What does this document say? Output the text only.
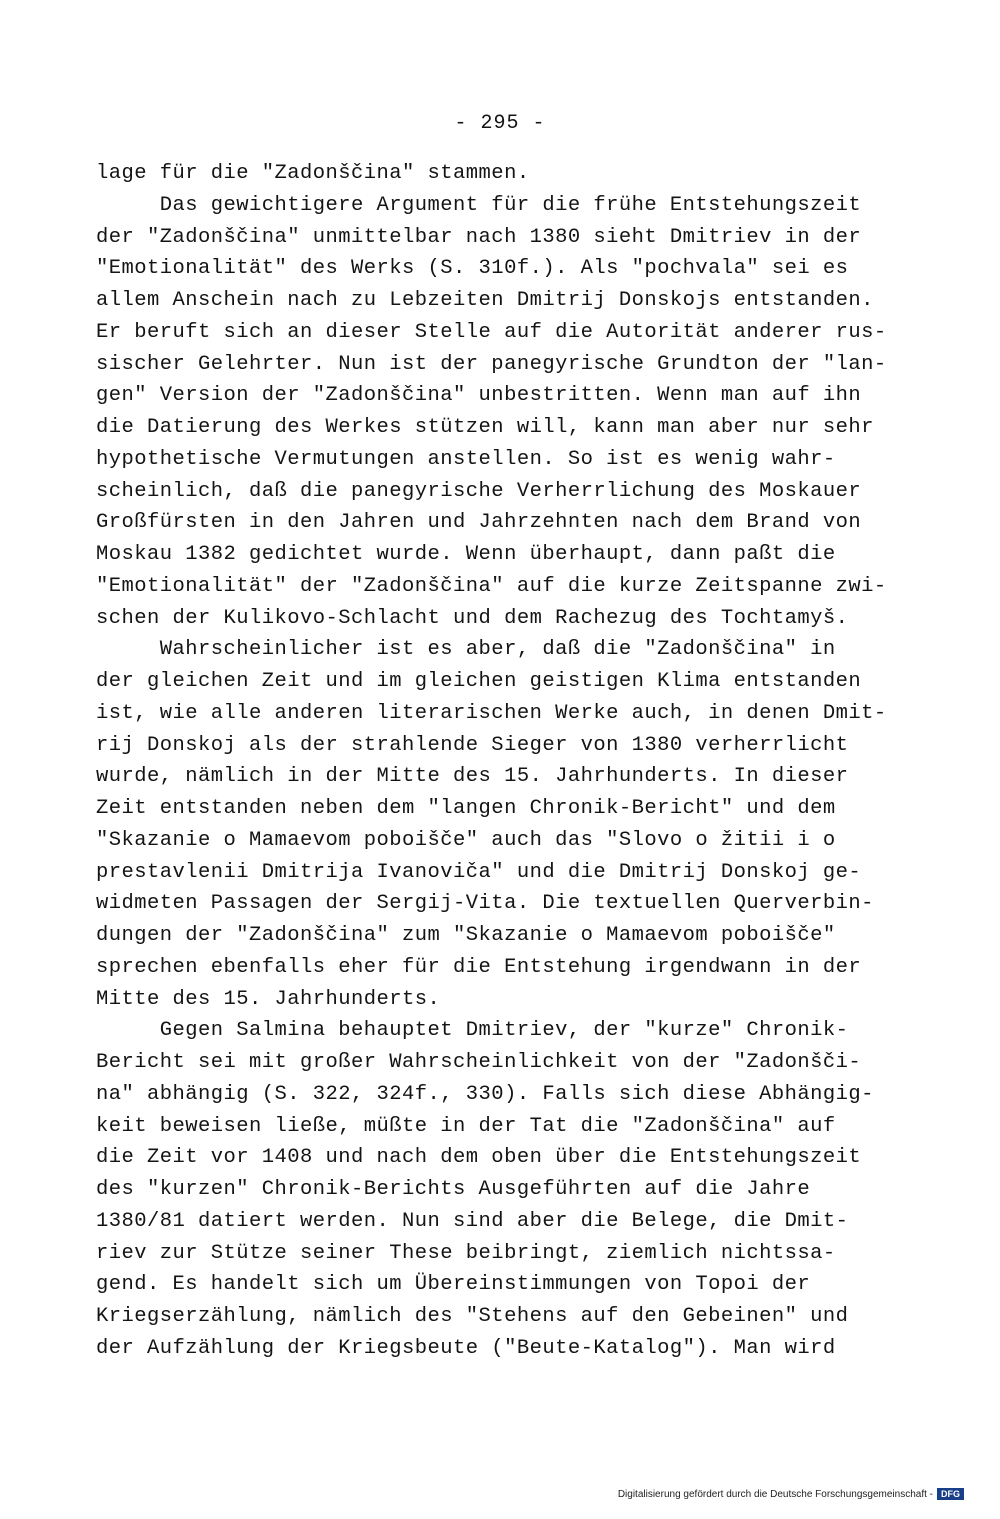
- 295 -
lage für die "Zadonščina" stammen.
Das gewichtigere Argument für die frühe Entstehungszeit
der "Zadonščina" unmittelbar nach 1380 sieht Dmitriev in der
"Emotionalität" des Werks (S. 310f.). Als "pochvala" sei es
allem Anschein nach zu Lebzeiten Dmitrij Donskojs entstanden.
Er beruft sich an dieser Stelle auf die Autorität anderer rus-
sischer Gelehrter. Nun ist der panegyrische Grundton der "lan-
gen" Version der "Zadonščina" unbestritten. Wenn man auf ihn
die Datierung des Werkes stützen will, kann man aber nur sehr
hypothetische Vermutungen anstellen. So ist es wenig wahr-
scheinlich, daß die panegyrische Verherrlichung des Moskauer
Großfürsten in den Jahren und Jahrzehnten nach dem Brand von
Moskau 1382 gedichtet wurde. Wenn überhaupt, dann paßt die
"Emotionalität" der "Zadonščina" auf die kurze Zeitspanne zwi-
schen der Kulikovo-Schlacht und dem Rachezug des Tochtamyš.
Wahrscheinlicher ist es aber, daß die "Zadonščina" in
der gleichen Zeit und im gleichen geistigen Klima entstanden
ist, wie alle anderen literarischen Werke auch, in denen Dmit-
rij Donskoj als der strahlende Sieger von 1380 verherrlicht
wurde, nämlich in der Mitte des 15. Jahrhunderts. In dieser
Zeit entstanden neben dem "langen Chronik-Bericht" und dem
"Skazanie o Mamaevom poboišče" auch das "Slovo o žitii i o
prestavlenii Dmitrija Ivanoviča" und die Dmitrij Donskoj ge-
widmeten Passagen der Sergij-Vita. Die textuellen Querverbin-
dungen der "Zadonščina" zum "Skazanie o Mamaevom poboišče"
sprechen ebenfalls eher für die Entstehung irgendwann in der
Mitte des 15. Jahrhunderts.
Gegen Salmina behauptet Dmitriev, der "kurze" Chronik-
Bericht sei mit großer Wahrscheinlichkeit von der "Zadonšči-
na" abhängig (S. 322, 324f., 330). Falls sich diese Abhängig-
keit beweisen ließe, müßte in der Tat die "Zadonščina" auf
die Zeit vor 1408 und nach dem oben über die Entstehungszeit
des "kurzen" Chronik-Berichts Ausgeführten auf die Jahre
1380/81 datiert werden. Nun sind aber die Belege, die Dmit-
riev zur Stütze seiner These beibringt, ziemlich nichtssa-
gend. Es handelt sich um Übereinstimmungen von Topoi der
Kriegserzählung, nämlich des "Stehens auf den Gebeinen" und
der Aufzählung der Kriegsbeute ("Beute-Katalog"). Man wird
Digitalisierung gefördert durch die Deutsche Forschungsgemeinschaft - DFG
